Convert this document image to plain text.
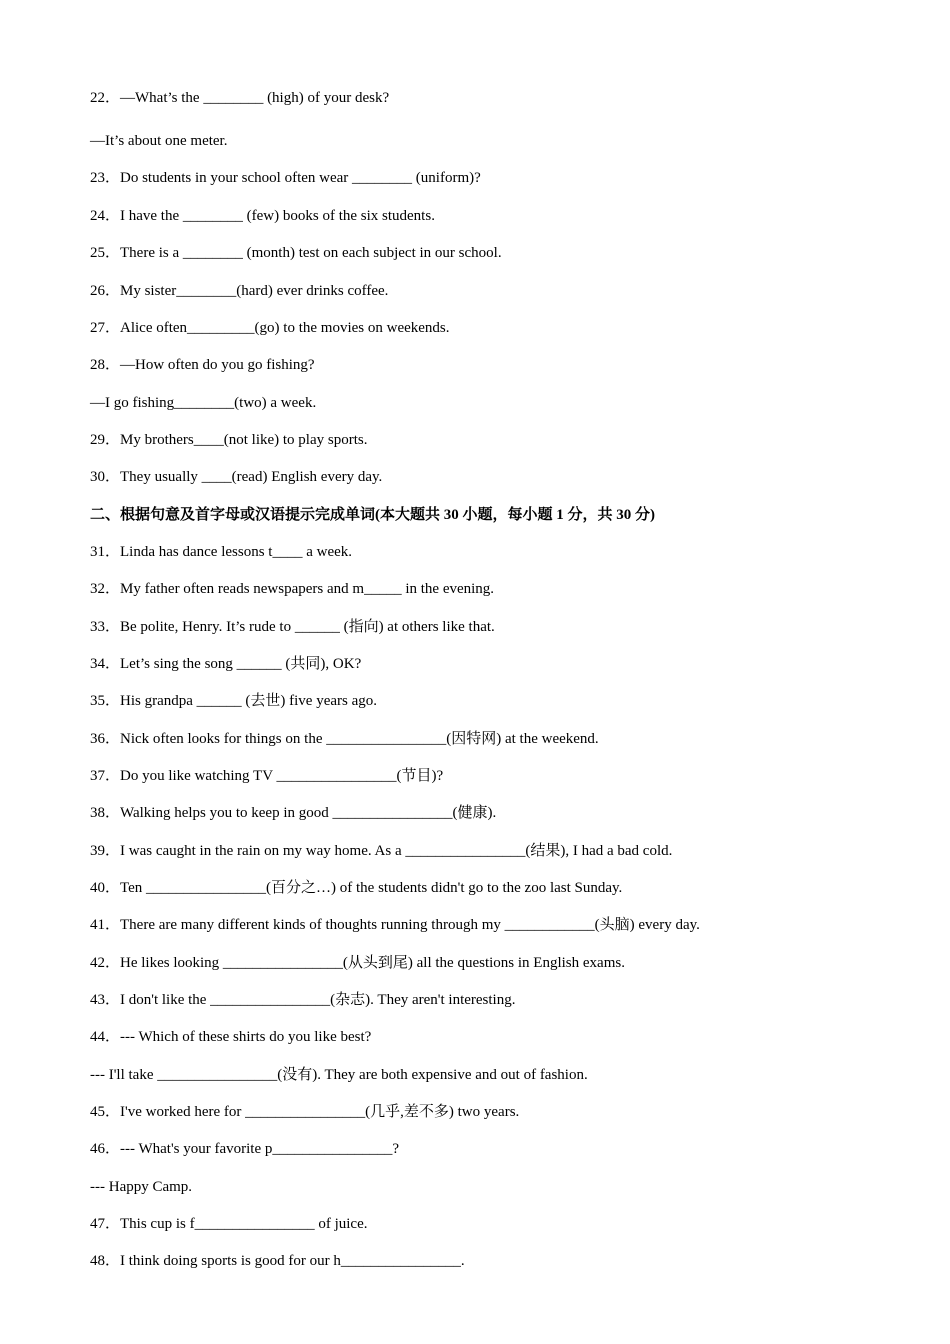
22．—What’s the ________ (high) of your desk?
—It’s about one meter.
23．Do students in your school often wear ________ (uniform)?
24．I have the ________ (few) books of the six students.
25．There is a ________ (month) test on each subject in our school.
26．My sister________(hard) ever drinks coffee.
27．Alice often_________(go) to the movies on weekends.
28．—How often do you go fishing?
—I go fishing________(two) a week.
29．My brothers____(not like) to play sports.
30．They usually ____(read) English every day.
二、根据句意及首字母或汉语提示完成单词(本大题共 30 小题，每小题 1 分，共 30 分)
31．Linda has dance lessons t____ a week.
32．My father often reads newspapers and m_____ in the evening.
33．Be polite, Henry. It’s rude to ______ (指向) at others like that.
34．Let’s sing the song ______ (共同), OK?
35．His grandpa ______ (去世) five years ago.
36．Nick often looks for things on the ________________(因特网) at the weekend.
37．Do you like watching TV ________________(节目)?
38．Walking helps you to keep in good ________________(健康).
39．I was caught in the rain on my way home. As a ________________(结果), I had a bad cold.
40．Ten ________________(百分之…) of the students didn't go to the zoo last Sunday.
41．There are many different kinds of thoughts running through my ____________(头脑) every day.
42．He likes looking ________________(从头到尾) all the questions in English exams.
43．I don't like the ________________(杂志). They aren't interesting.
44．--- Which of these shirts do you like best?
--- I'll take ________________(没有). They are both expensive and out of fashion.
45．I've worked here for ________________(几乎,差不多) two years.
46．--- What's your favorite p________________?
--- Happy Camp.
47．This cup is f________________ of juice.
48．I think doing sports is good for our h________________.
